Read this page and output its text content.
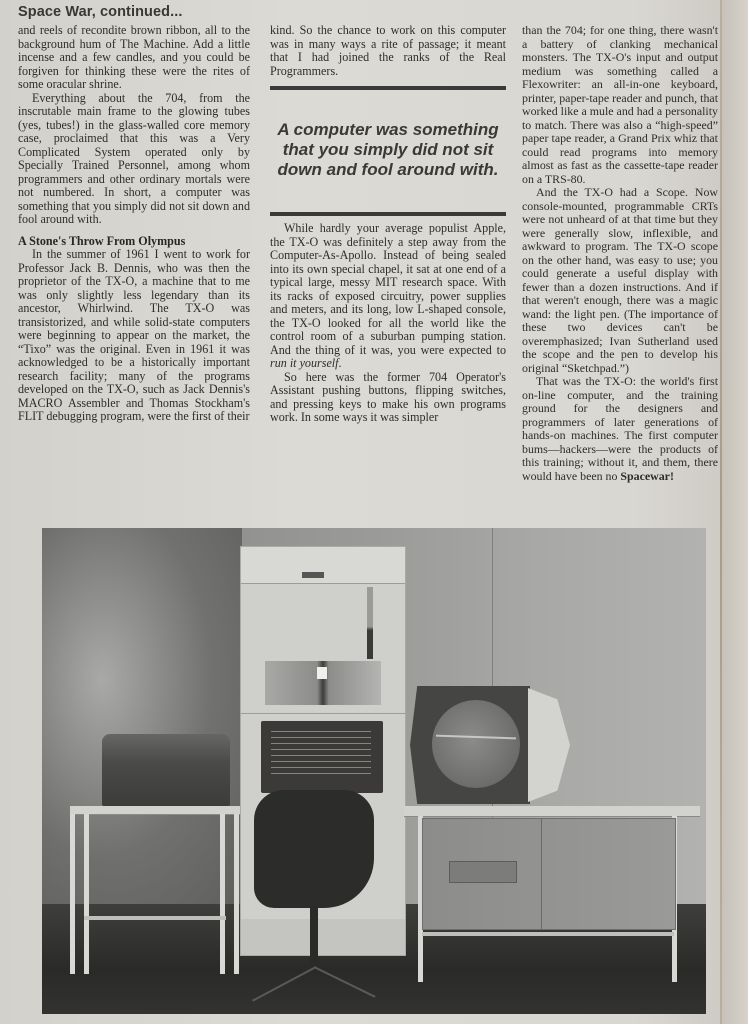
Space War, continued...

and reels of recondite brown ribbon, all to the background hum of The Machine. Add a little incense and a few candles, and you could be forgiven for thinking these were the rites of some oracular shrine.

Everything about the 704, from the inscrutable main frame to the glowing tubes (yes, tubes!) in the glass-walled core memory case, proclaimed that this was a Very Complicated System operated only by Specially Trained Personnel, among whom programmers and other ordinary mortals were not numbered. In short, a computer was something that you simply did not sit down and fool around with.

A Stone's Throw From Olympus

In the summer of 1961 I went to work for Professor Jack B. Dennis, who was then the proprietor of the TX-O, a machine that to me was only slightly less legendary than its ancestor, Whirlwind. The TX-O was transistorized, and while solid-state computers were beginning to appear on the market, the “Tixo” was the original. Even in 1961 it was acknowledged to be a historically important research facility; many of the programs developed on the TX-O, such as Jack Dennis's MACRO Assembler and Thomas Stockham's FLIT debugging program, were the first of their

kind. So the chance to work on this computer was in many ways a rite of passage; it meant that I had joined the ranks of the Real Programmers.

A computer was something that you simply did not sit down and fool around with.

While hardly your average populist Apple, the TX-O was definitely a step away from the Computer-As-Apollo. Instead of being sealed into its own special chapel, it sat at one end of a typical large, messy MIT research space. With its racks of exposed circuitry, power supplies and meters, and its long, low L-shaped console, the TX-O looked for all the world like the control room of a suburban pumping station. And the thing of it was, you were expected to run it yourself.

So here was the former 704 Operator's Assistant pushing buttons, flipping switches, and pressing keys to make his own programs work. In some ways it was simpler

than the 704; for one thing, there wasn't a battery of clanking mechanical monsters. The TX-O's input and output medium was something called a Flexowriter: an all-in-one keyboard, printer, paper-tape reader and punch, that worked like a mule and had a personality to match. There was also a “high-speed” paper tape reader, a Grand Prix whiz that could read programs into memory almost as fast as the cassette-tape reader on a TRS-80.

And the TX-O had a Scope. Now console-mounted, programmable CRTs were not unheard of at that time but they were generally slow, inflexible, and awkward to program. The TX-O scope on the other hand, was easy to use; you could generate a useful display with fewer than a dozen instructions. And if that weren't enough, there was a magic wand: the light pen. (The importance of these two devices can't be overemphasized; Ivan Sutherland used the scope and the pen to develop his original “Sketchpad.”)

That was the TX-O: the world's first on-line computer, and the training ground for the designers and programmers of later generations of hands-on machines. The first computer bums—hackers—were the products of this training; without it, and them, there would have been no Spacewar!
